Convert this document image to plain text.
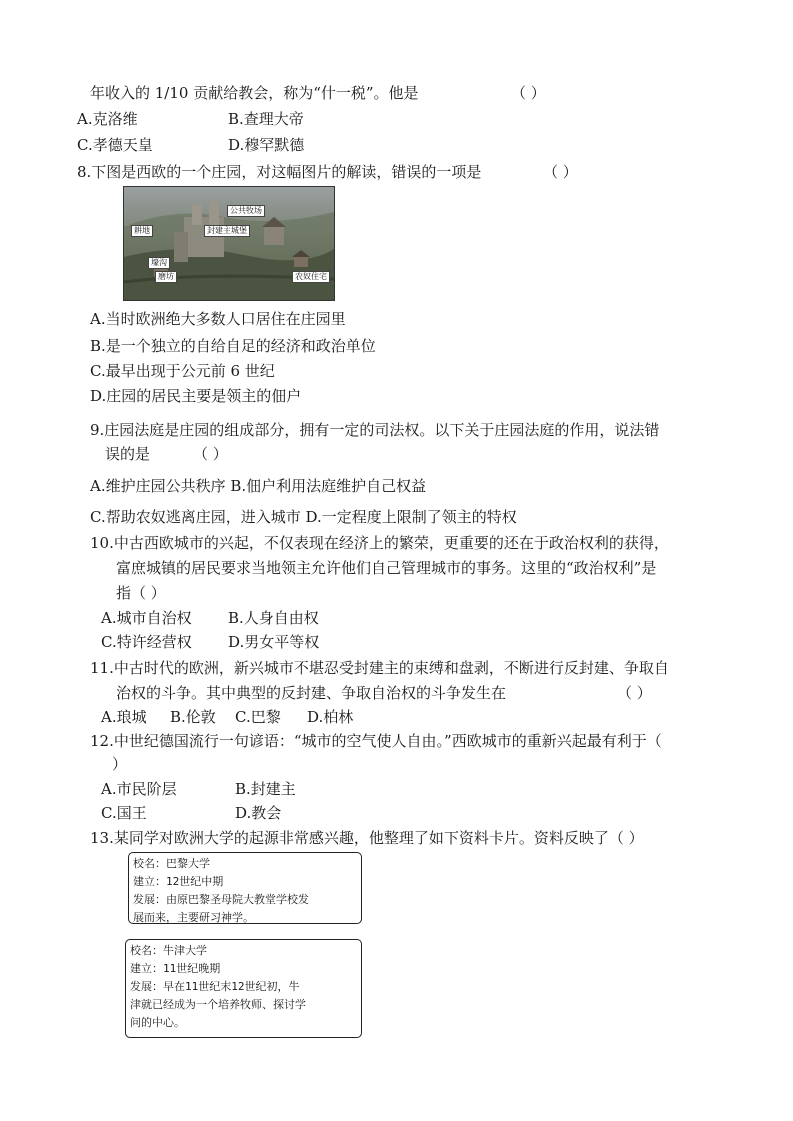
年收入的 1/10 贡献给教会，称为“什一税”。他是	（ ）
A.克洛维	B.查理大帝
C.孝德天皇	D.穆罕默德
8.下图是西欧的一个庄园，对这幅图片的解读，错误的一项是	（ ）
公共牧场
耕地	封建主城堡
壕沟
磨坊	农奴住宅
A.当时欧洲绝大多数人口居住在庄园里
B.是一个独立的自给自足的经济和政治单位
C.最早出现于公元前 6 世纪
D.庄园的居民主要是领主的佃户
9.庄园法庭是庄园的组成部分，拥有一定的司法权。以下关于庄园法庭的作用，说法错
误的是	（ ）
A.维护庄园公共秩序 B.佃户利用法庭维护自己权益
C.帮助农奴逃离庄园，进入城市 D.一定程度上限制了领主的特权
10.中古西欧城市的兴起，不仅表现在经济上的繁荣，更重要的还在于政治权利的获得，
富庶城镇的居民要求当地领主允许他们自己管理城市的事务。这里的“政治权利”是
指（ ）
A.城市自治权 B.人身自由权
C.特许经营权 D.男女平等权
11.中古时代的欧洲，新兴城市不堪忍受封建主的束缚和盘剥，不断进行反封建、争取自
治权的斗争。其中典型的反封建、争取自治权的斗争发生在	（ ）
A.琅城 B.伦敦 C.巴黎 D.柏林
12.中世纪德国流行一句谚语：“城市的空气使人自由。”西欧城市的重新兴起最有利于（
）
A.市民阶层	B.封建主
C.国王	D.教会
13.某同学对欧洲大学的起源非常感兴趣，他整理了如下资料卡片。资料反映了（ ）
校名：巴黎大学
建立：12世纪中期
发展：由原巴黎圣母院大教堂学校发
展而来，主要研习神学。
校名：牛津大学
建立：11世纪晚期
发展：早在11世纪末12世纪初，牛
津就已经成为一个培养牧师、探讨学
问的中心。
